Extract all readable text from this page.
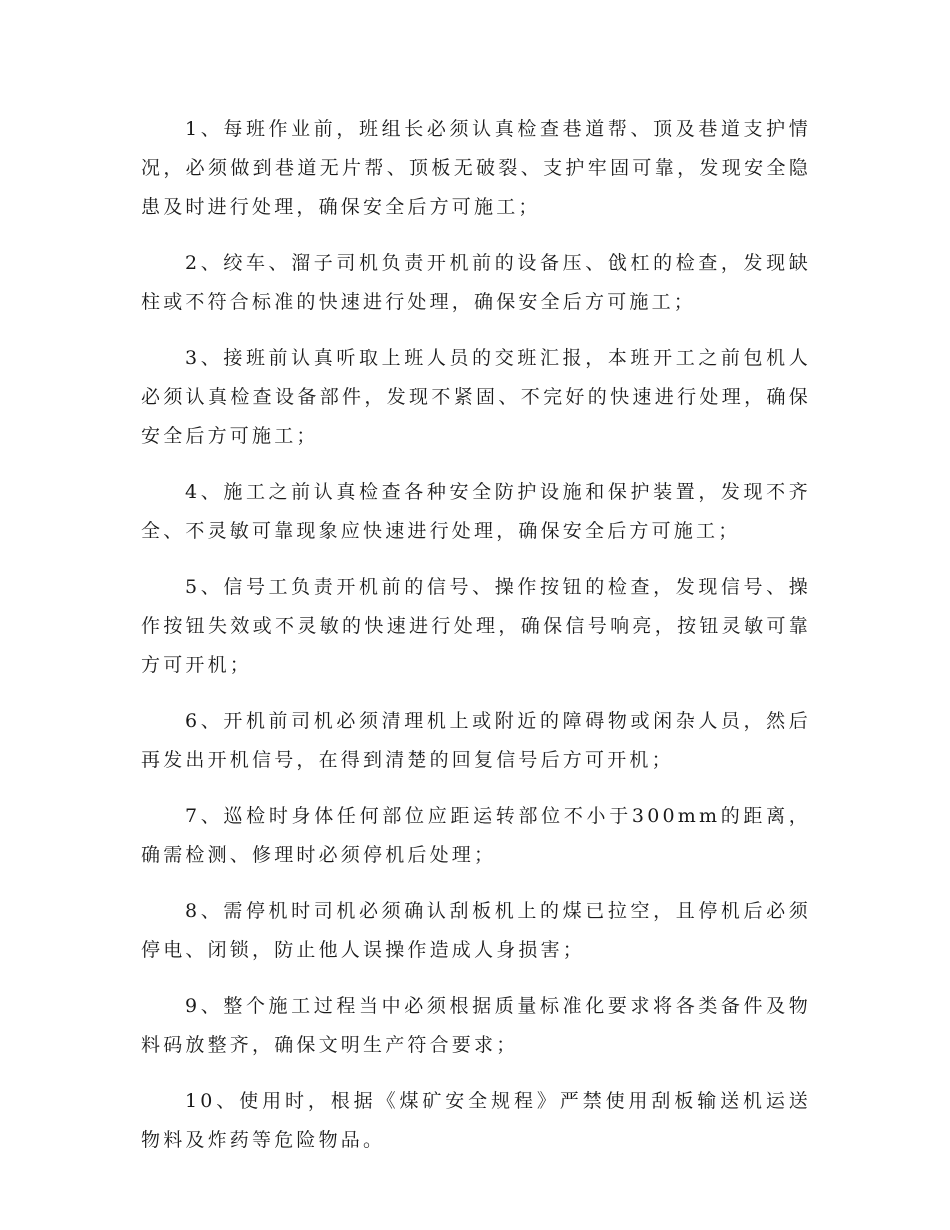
1、每班作业前，班组长必须认真检查巷道帮、顶及巷道支护情况，必须做到巷道无片帮、顶板无破裂、支护牢固可靠，发现安全隐患及时进行处理，确保安全后方可施工；

2、绞车、溜子司机负责开机前的设备压、戗杠的检查，发现缺柱或不符合标准的快速进行处理，确保安全后方可施工；

3、接班前认真听取上班人员的交班汇报，本班开工之前包机人必须认真检查设备部件，发现不紧固、不完好的快速进行处理，确保安全后方可施工；

4、施工之前认真检查各种安全防护设施和保护装置，发现不齐全、不灵敏可靠现象应快速进行处理，确保安全后方可施工；

5、信号工负责开机前的信号、操作按钮的检查，发现信号、操作按钮失效或不灵敏的快速进行处理，确保信号响亮，按钮灵敏可靠方可开机；

6、开机前司机必须清理机上或附近的障碍物或闲杂人员，然后再发出开机信号，在得到清楚的回复信号后方可开机；

7、巡检时身体任何部位应距运转部位不小于300mm的距离，确需检测、修理时必须停机后处理；

8、需停机时司机必须确认刮板机上的煤已拉空，且停机后必须停电、闭锁，防止他人误操作造成人身损害；

9、整个施工过程当中必须根据质量标准化要求将各类备件及物料码放整齐，确保文明生产符合要求；

10、使用时，根据《煤矿安全规程》严禁使用刮板输送机运送物料及炸药等危险物品。
